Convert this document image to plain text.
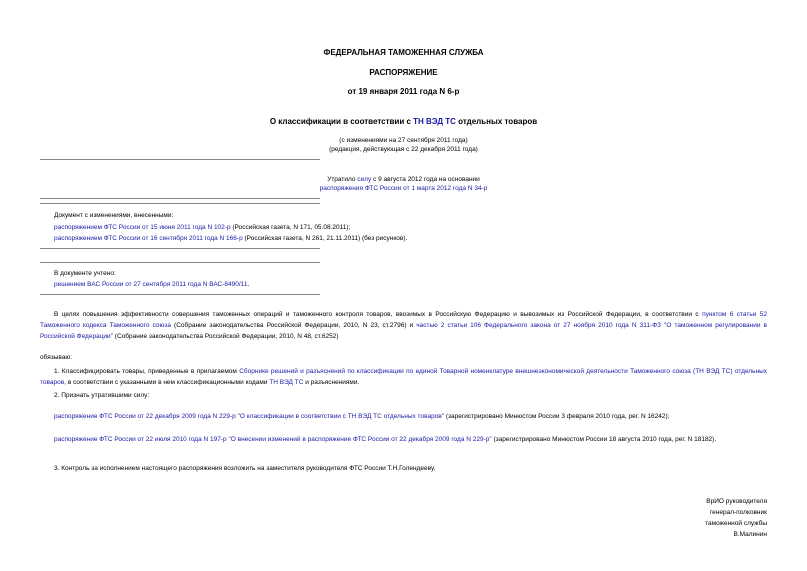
ФЕДЕРАЛЬНАЯ ТАМОЖЕННАЯ СЛУЖБА
РАСПОРЯЖЕНИЕ
от 19 января 2011 года N 6-р
О классификации в соответствии с ТН ВЭД ТС отдельных товаров
(с изменениями на 27 сентября 2011 года)
(редакция, действующая с 22 декабря 2011 года)
Утратило силу с 9 августа 2012 года на основании
распоряжения ФТС России от 1 марта 2012 года N 34-р
Документ с изменениями, внесенными:
распоряжением ФТС России от 15 июня 2011 года N 102-р (Российская газета, N 171, 05.08.2011);
распоряжением ФТС России от 16 сентября 2011 года N 166-р (Российская газета, N 261, 21.11.2011) (без рисунков).
В документе учтено:
решением ВАС России от 27 сентября 2011 года N ВАС-8490/11.
В целях повышения эффективности совершения таможенных операций и таможенного контроля товаров, ввозимых в Российскую Федерацию и вывозимых из Российской Федерации, в соответствии с пунктом 6 статьи 52 Таможенного кодекса Таможенного союза (Собрание законодательства Российской Федерации, 2010, N 23, ст.2796) и частью 2 статьи 106 Федерального закона от 27 ноября 2010 года N 311-ФЗ "О таможенном регулировании в Российской Федерации" (Собрание законодательства Российской Федерации, 2010, N 48, ст.6252)
обязываю:
1. Классифицировать товары, приведенные в прилагаемом Сборнике решений и разъяснений по классификации по единой Товарной номенклатуре внешнеэкономической деятельности Таможенного союза (ТН ВЭД ТС) отдельных товаров, в соответствии с указанными в нем классификационными кодами ТН ВЭД ТС и разъяснениями.
2. Признать утратившими силу:
распоряжение ФТС России от 22 декабря 2009 года N 229-р "О классификации в соответствии с ТН ВЭД ТС отдельных товаров" (зарегистрировано Минюстом России 3 февраля 2010 года, рег. N 16242);
распоряжение ФТС России от 22 июля 2010 года N 197-р "О внесении изменений в распоряжение ФТС России от 22 декабря 2009 года N 229-р" (зарегистрировано Минюстом России 18 августа 2010 года, рег. N 18182).
3. Контроль за исполнением настоящего распоряжения возложить на заместителя руководителя ФТС России Т.Н.Голендееву.
ВрИО руководителя
генерал-полковник
таможенной службы
В.Малинин
